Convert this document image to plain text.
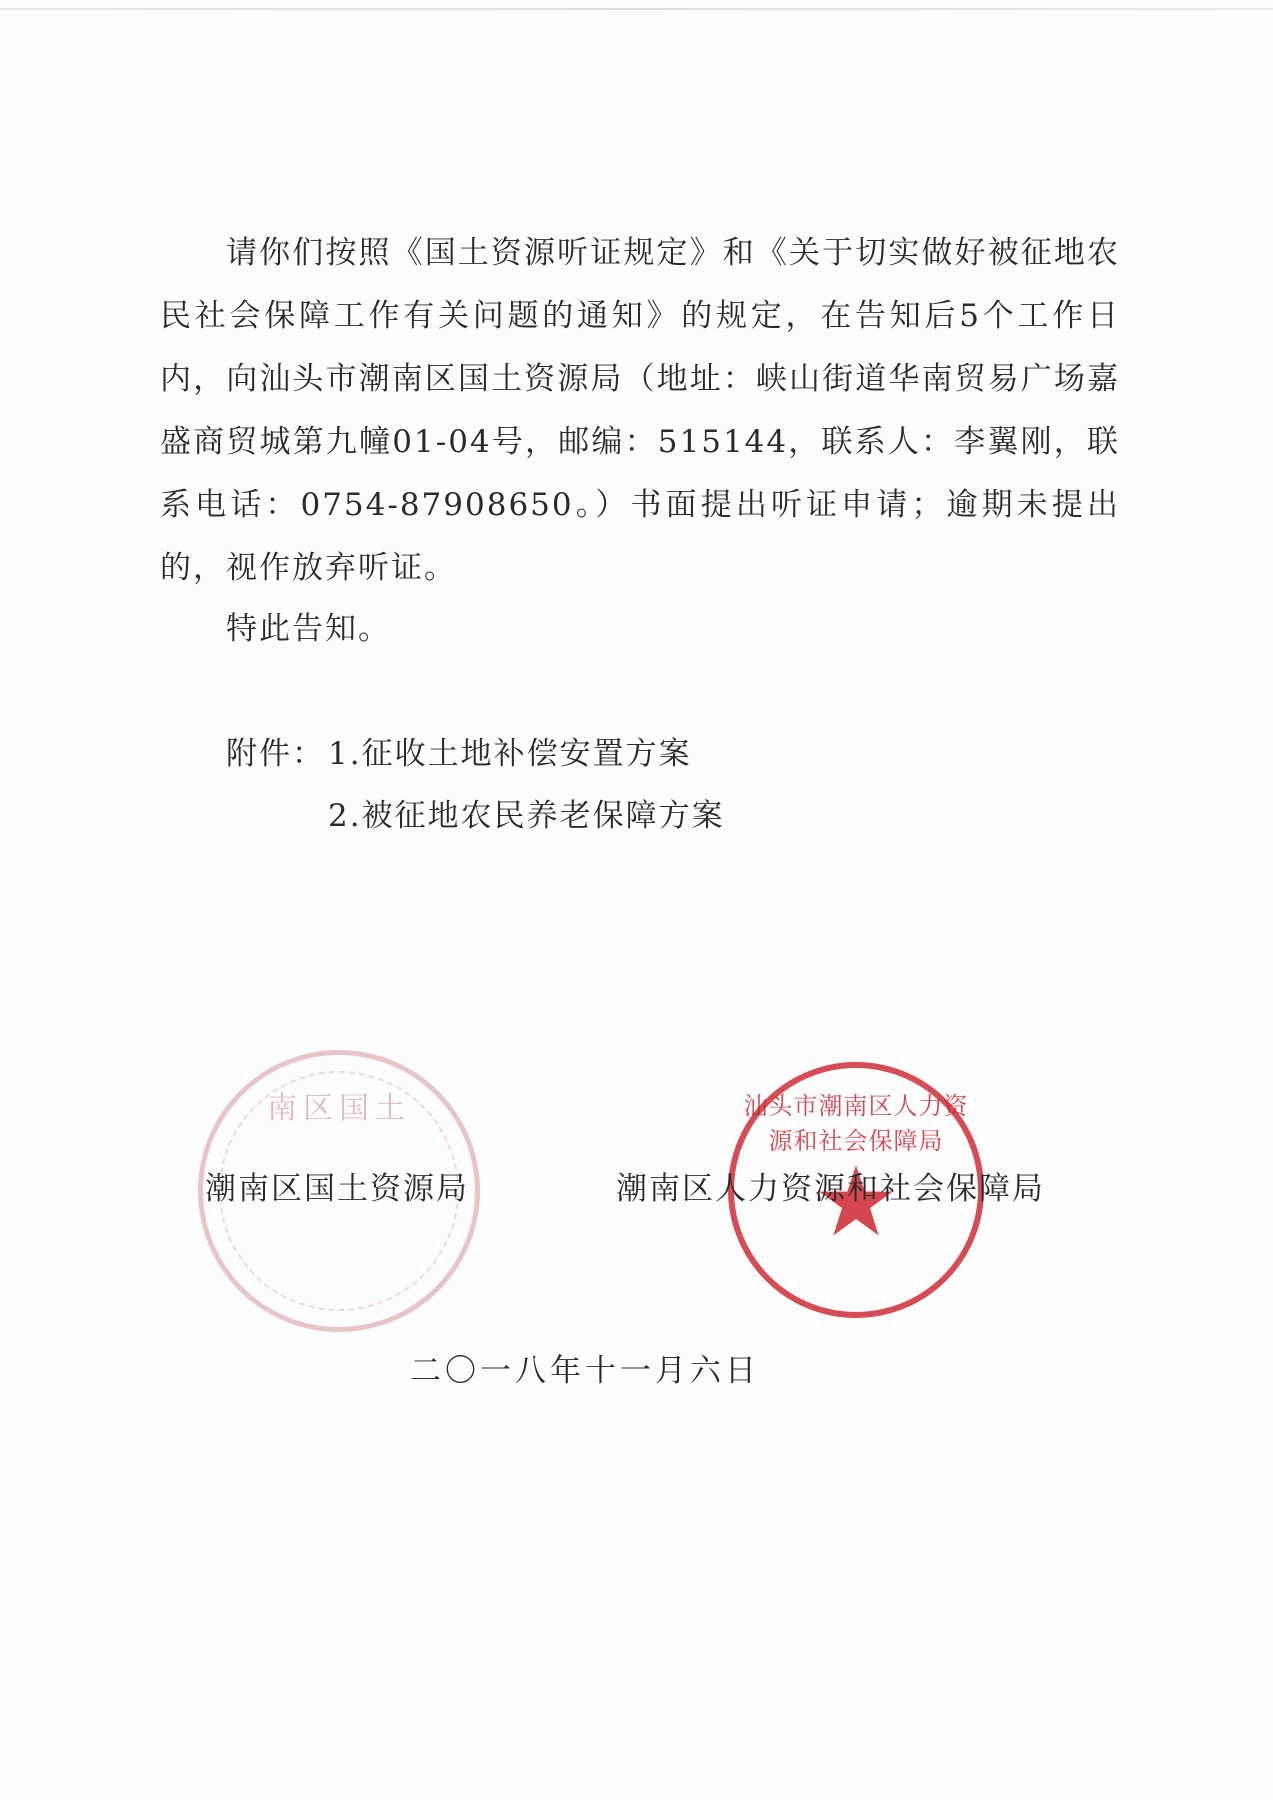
请你们按照《国土资源听证规定》和《关于切实做好被征地农民社会保障工作有关问题的通知》的规定，在告知后5个工作日内，向汕头市潮南区国土资源局（地址：峡山街道华南贸易广场嘉盛商贸城第九幢01-04号，邮编：515144，联系人：李翼刚，联系电话：0754-87908650。）书面提出听证申请；逾期未提出的，视作放弃听证。

特此告知。

附件： 1.征收土地补偿安置方案
2.被征地农民养老保障方案
南区国土	汕头市潮南区人力资源和社会保障局
潮南区国土资源局	潮南区人力资源和社会保障局
二〇一八年十一月六日
